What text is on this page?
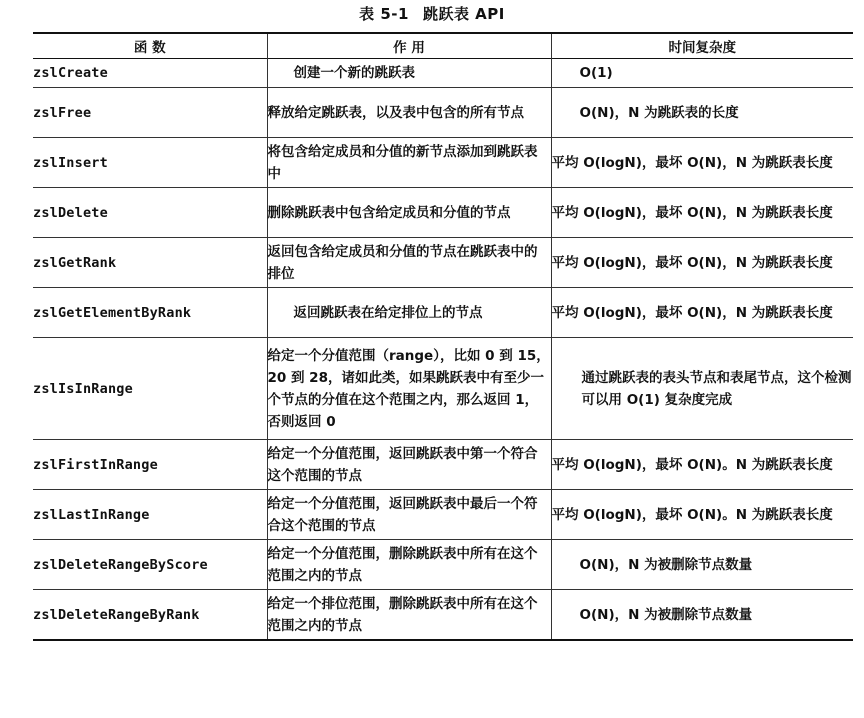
表 5-1 跳跃表 API
函 数	作 用	时间复杂度
zslCreate	创建一个新的跳跃表	O(1)
zslFree	释放给定跳跃表，以及表中包含的所有节点	O(N)，N 为跳跃表的长度
zslInsert	将包含给定成员和分值的新节点添加到跳跃表中	平均 O(logN)，最坏 O(N)，N 为跳跃表长度
zslDelete	删除跳跃表中包含给定成员和分值的节点	平均 O(logN)，最坏 O(N)，N 为跳跃表长度
zslGetRank	返回包含给定成员和分值的节点在跳跃表中的排位	平均 O(logN)，最坏 O(N)，N 为跳跃表长度
zslGetElementByRank	返回跳跃表在给定排位上的节点	平均 O(logN)，最坏 O(N)，N 为跳跃表长度
zslIsInRange	给定一个分值范围（range），比如 0 到 15，20 到 28，诸如此类，如果跳跃表中有至少一个节点的分值在这个范围之内，那么返回 1，否则返回 0	通过跳跃表的表头节点和表尾节点，这个检测可以用 O(1) 复杂度完成
zslFirstInRange	给定一个分值范围，返回跳跃表中第一个符合这个范围的节点	平均 O(logN)，最坏 O(N)。N 为跳跃表长度
zslLastInRange	给定一个分值范围，返回跳跃表中最后一个符合这个范围的节点	平均 O(logN)，最坏 O(N)。N 为跳跃表长度
zslDeleteRangeByScore	给定一个分值范围，删除跳跃表中所有在这个范围之内的节点	O(N)，N 为被删除节点数量
zslDeleteRangeByRank	给定一个排位范围，删除跳跃表中所有在这个范围之内的节点	O(N)，N 为被删除节点数量
